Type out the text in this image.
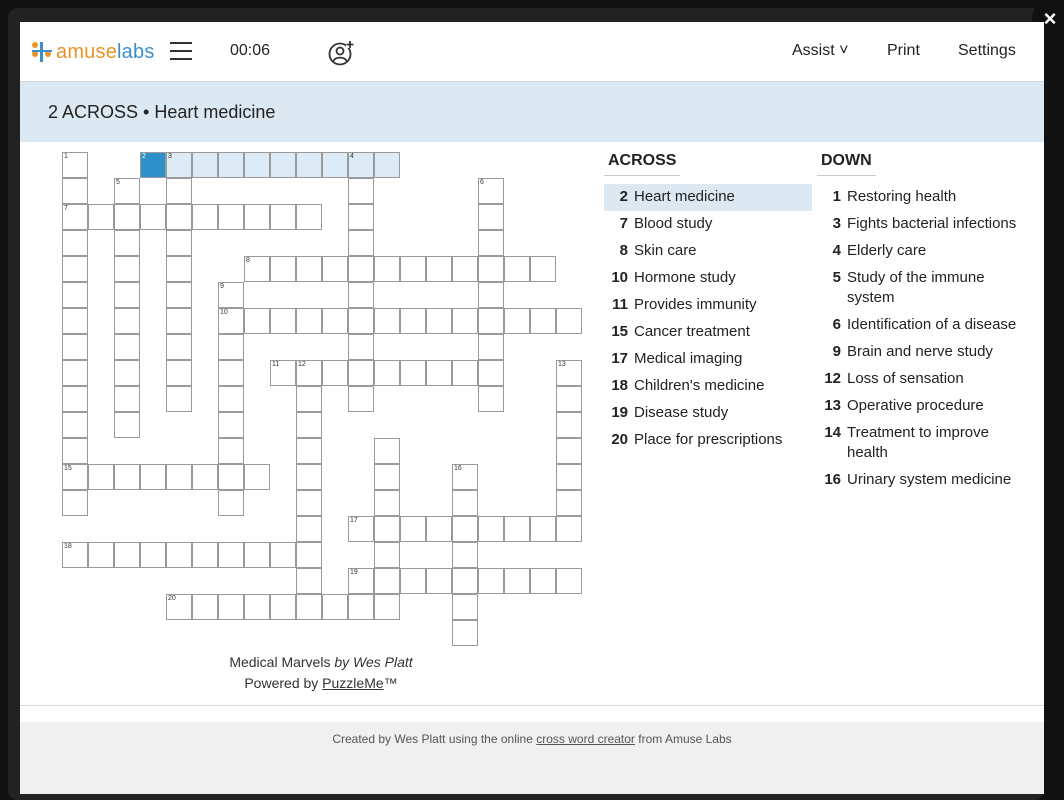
×
amuselabs	00:06	Assist ˅ Print Settings
2 ACROSS • Heart medicine
1	2	3	4
5	6
7
8
9
10
11	12	13
15	16
17
18
19
20
Medical Marvels by Wes Platt
Powered by PuzzleMe™
ACROSS
2 Heart medicine
7 Blood study
8 Skin care
10 Hormone study
11 Provides immunity
15 Cancer treatment
17 Medical imaging
18 Children's medicine
19 Disease study
20 Place for prescriptions
DOWN
1 Restoring health
3 Fights bacterial infections
4 Elderly care
5 Study of the immune system
6 Identification of a disease
9 Brain and nerve study
12 Loss of sensation
13 Operative procedure
14 Treatment to improve health
16 Urinary system medicine
Created by Wes Platt using the online cross word creator from Amuse Labs
